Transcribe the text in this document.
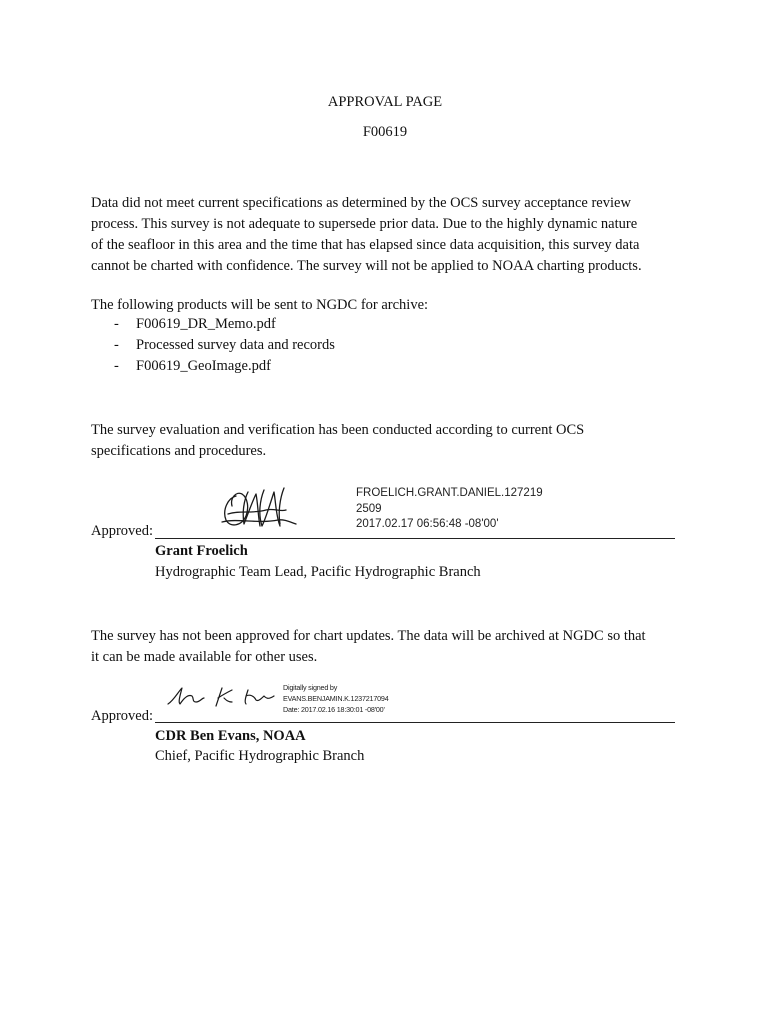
APPROVAL PAGE
F00619

Data did not meet current specifications as determined by the OCS survey acceptance review

process. This survey is not adequate to supersede prior data. Due to the highly dynamic nature

of the seafloor in this area and the time that has elapsed since data acquisition, this survey data

cannot be charted with confidence. The survey will not be applied to NOAA charting products.

The following products will be sent to NGDC for archive:
- F00619_DR_Memo.pdf
- Processed survey data and records
- F00619_GeoImage.pdf

The survey evaluation and verification has been conducted according to current OCS

specifications and procedures.

FROELICH.GRANT.DANIEL.127219
2509
2017.02.17 06:56:48 -08'00'
Approved:
Grant Froelich
Hydrographic Team Lead, Pacific Hydrographic Branch

The survey has not been approved for chart updates. The data will be archived at NGDC so that

it can be made available for other uses.

Digitally signed by
EVANS.BENJAMIN.K.1237217094
Date: 2017.02.16 18:30:01 -08'00'
Approved:
CDR Ben Evans, NOAA
Chief, Pacific Hydrographic Branch
